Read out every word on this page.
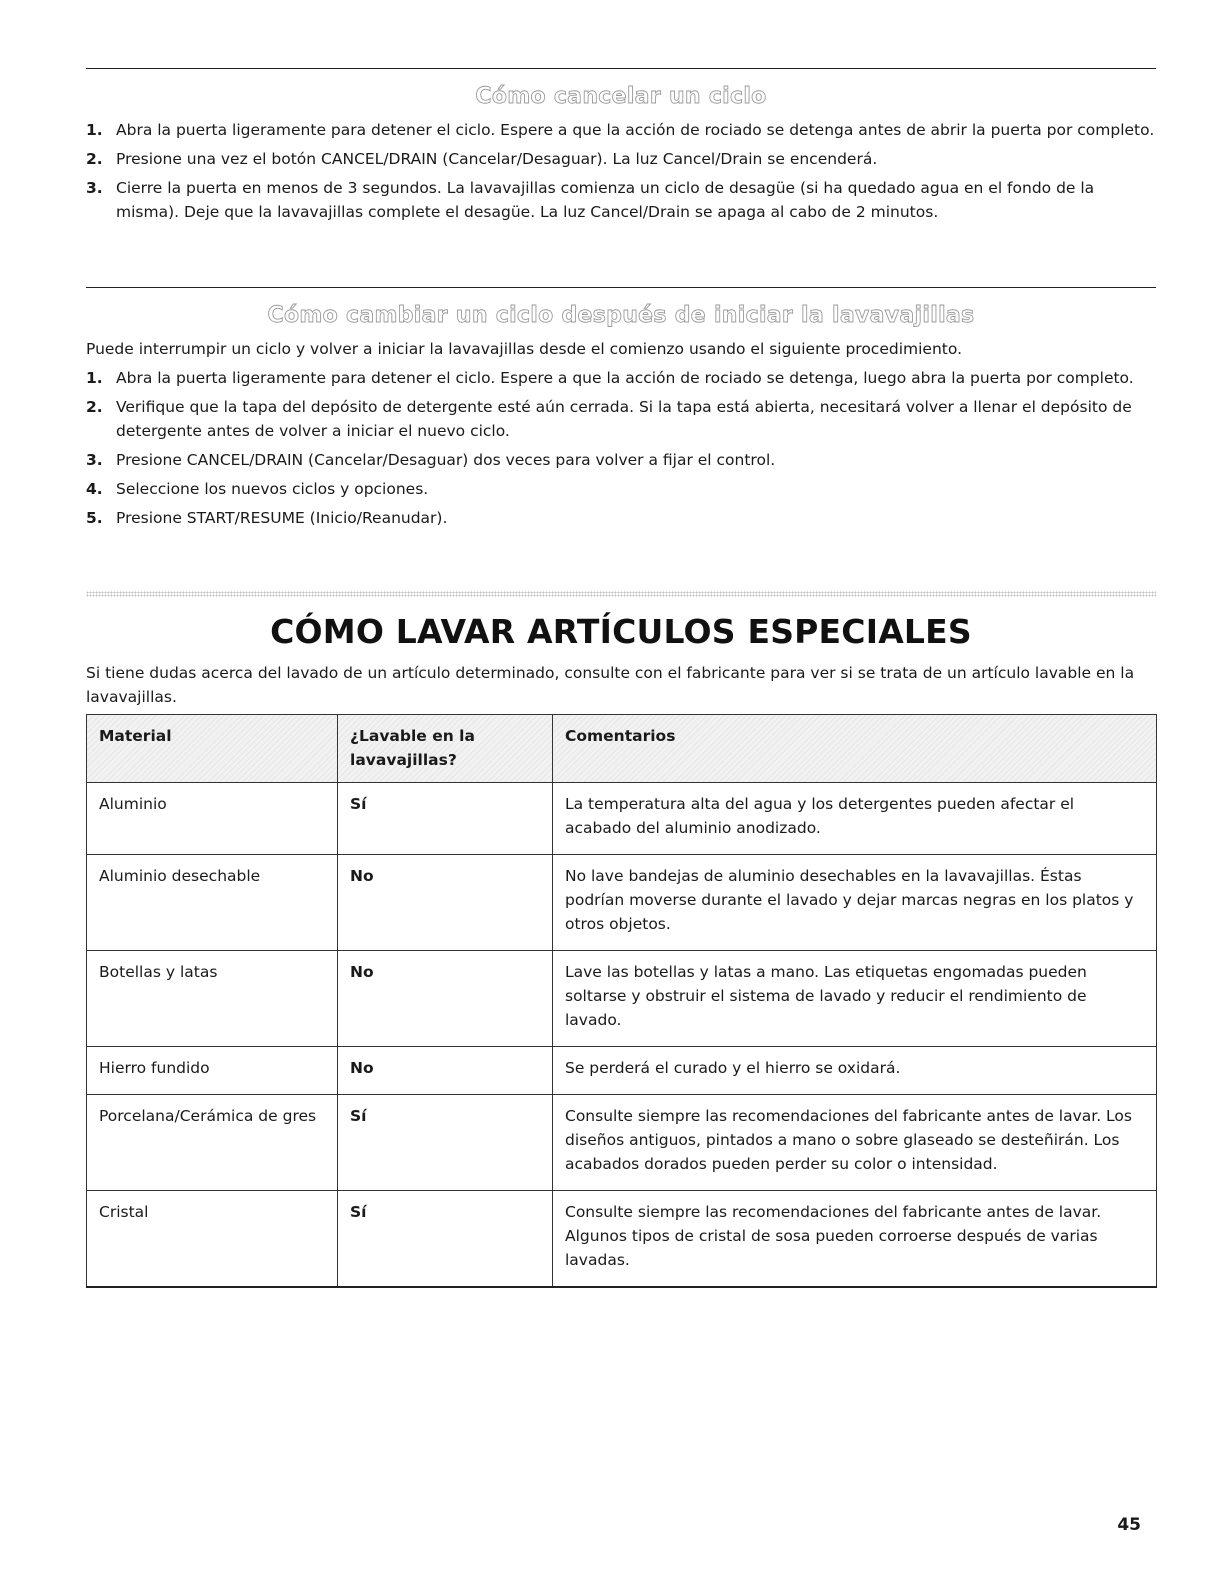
Cómo cancelar un ciclo
1. Abra la puerta ligeramente para detener el ciclo. Espere a que la acción de rociado se detenga antes de abrir la puerta por completo.
2. Presione una vez el botón CANCEL/DRAIN (Cancelar/Desaguar). La luz Cancel/Drain se encenderá.
3. Cierre la puerta en menos de 3 segundos. La lavavajillas comienza un ciclo de desagüe (si ha quedado agua en el fondo de la misma). Deje que la lavavajillas complete el desagüe. La luz Cancel/Drain se apaga al cabo de 2 minutos.
Cómo cambiar un ciclo después de iniciar la lavavajillas

Puede interrumpir un ciclo y volver a iniciar la lavavajillas desde el comienzo usando el siguiente procedimiento.

1. Abra la puerta ligeramente para detener el ciclo. Espere a que la acción de rociado se detenga, luego abra la puerta por completo.
2. Verifique que la tapa del depósito de detergente esté aún cerrada. Si la tapa está abierta, necesitará volver a llenar el depósito de detergente antes de volver a iniciar el nuevo ciclo.
3. Presione CANCEL/DRAIN (Cancelar/Desaguar) dos veces para volver a fijar el control.
4. Seleccione los nuevos ciclos y opciones.
5. Presione START/RESUME (Inicio/Reanudar).
CÓMO LAVAR ARTÍCULOS ESPECIALES

Si tiene dudas acerca del lavado de un artículo determinado, consulte con el fabricante para ver si se trata de un artículo lavable en la lavavajillas.

Material	¿Lavable en la lavavajillas?	Comentarios
Aluminio	Sí	La temperatura alta del agua y los detergentes pueden afectar el acabado del aluminio anodizado.
Aluminio desechable	No	No lave bandejas de aluminio desechables en la lavavajillas. Éstas podrían moverse durante el lavado y dejar marcas negras en los platos y otros objetos.
Botellas y latas	No	Lave las botellas y latas a mano. Las etiquetas engomadas pueden soltarse y obstruir el sistema de lavado y reducir el rendimiento de lavado.
Hierro fundido	No	Se perderá el curado y el hierro se oxidará.
Porcelana/Cerámica de gres	Sí	Consulte siempre las recomendaciones del fabricante antes de lavar. Los diseños antiguos, pintados a mano o sobre glaseado se desteñirán. Los acabados dorados pueden perder su color o intensidad.
Cristal	Sí	Consulte siempre las recomendaciones del fabricante antes de lavar. Algunos tipos de cristal de sosa pueden corroerse después de varias lavadas.
45
